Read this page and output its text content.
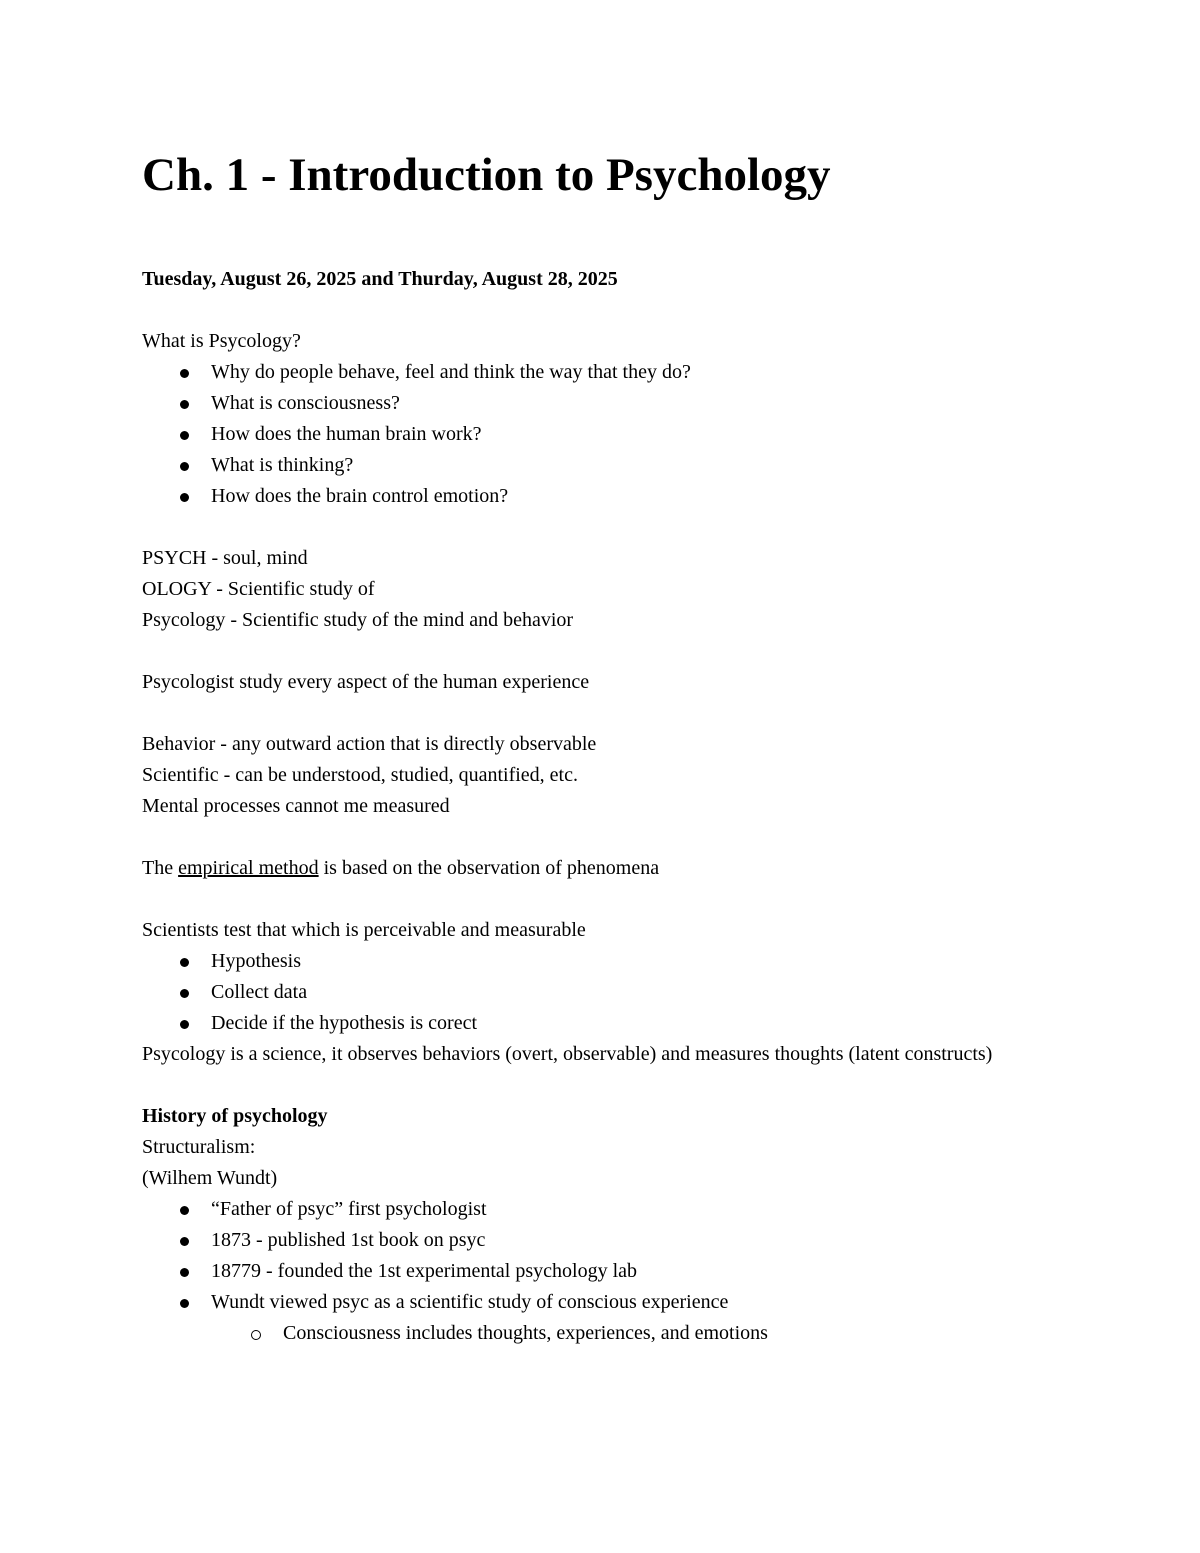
Ch. 1 - Introduction to Psychology

Tuesday, August 26, 2025 and Thurday, August 28, 2025

What is Psycology?

Why do people behave, feel and think the way that they do?
What is consciousness?
How does the human brain work?
What is thinking?
How does the brain control emotion?

PSYCH - soul, mind

OLOGY - Scientific study of

Psycology - Scientific study of the mind and behavior

Psycologist study every aspect of the human experience

Behavior - any outward action that is directly observable

Scientific - can be understood, studied, quantified, etc.

Mental processes cannot me measured

The empirical method is based on the observation of phenomena

Scientists test that which is perceivable and measurable

Hypothesis
Collect data
Decide if the hypothesis is corect

Psycology is a science, it observes behaviors (overt, observable) and measures thoughts (latent constructs)

History of psychology

Structuralism:

(Wilhem Wundt)

“Father of psyc” first psychologist
1873 - published 1st book on psyc
18779 - founded the 1st experimental psychology lab
Wundt viewed psyc as a scientific study of conscious experience
Consciousness includes thoughts, experiences, and emotions
